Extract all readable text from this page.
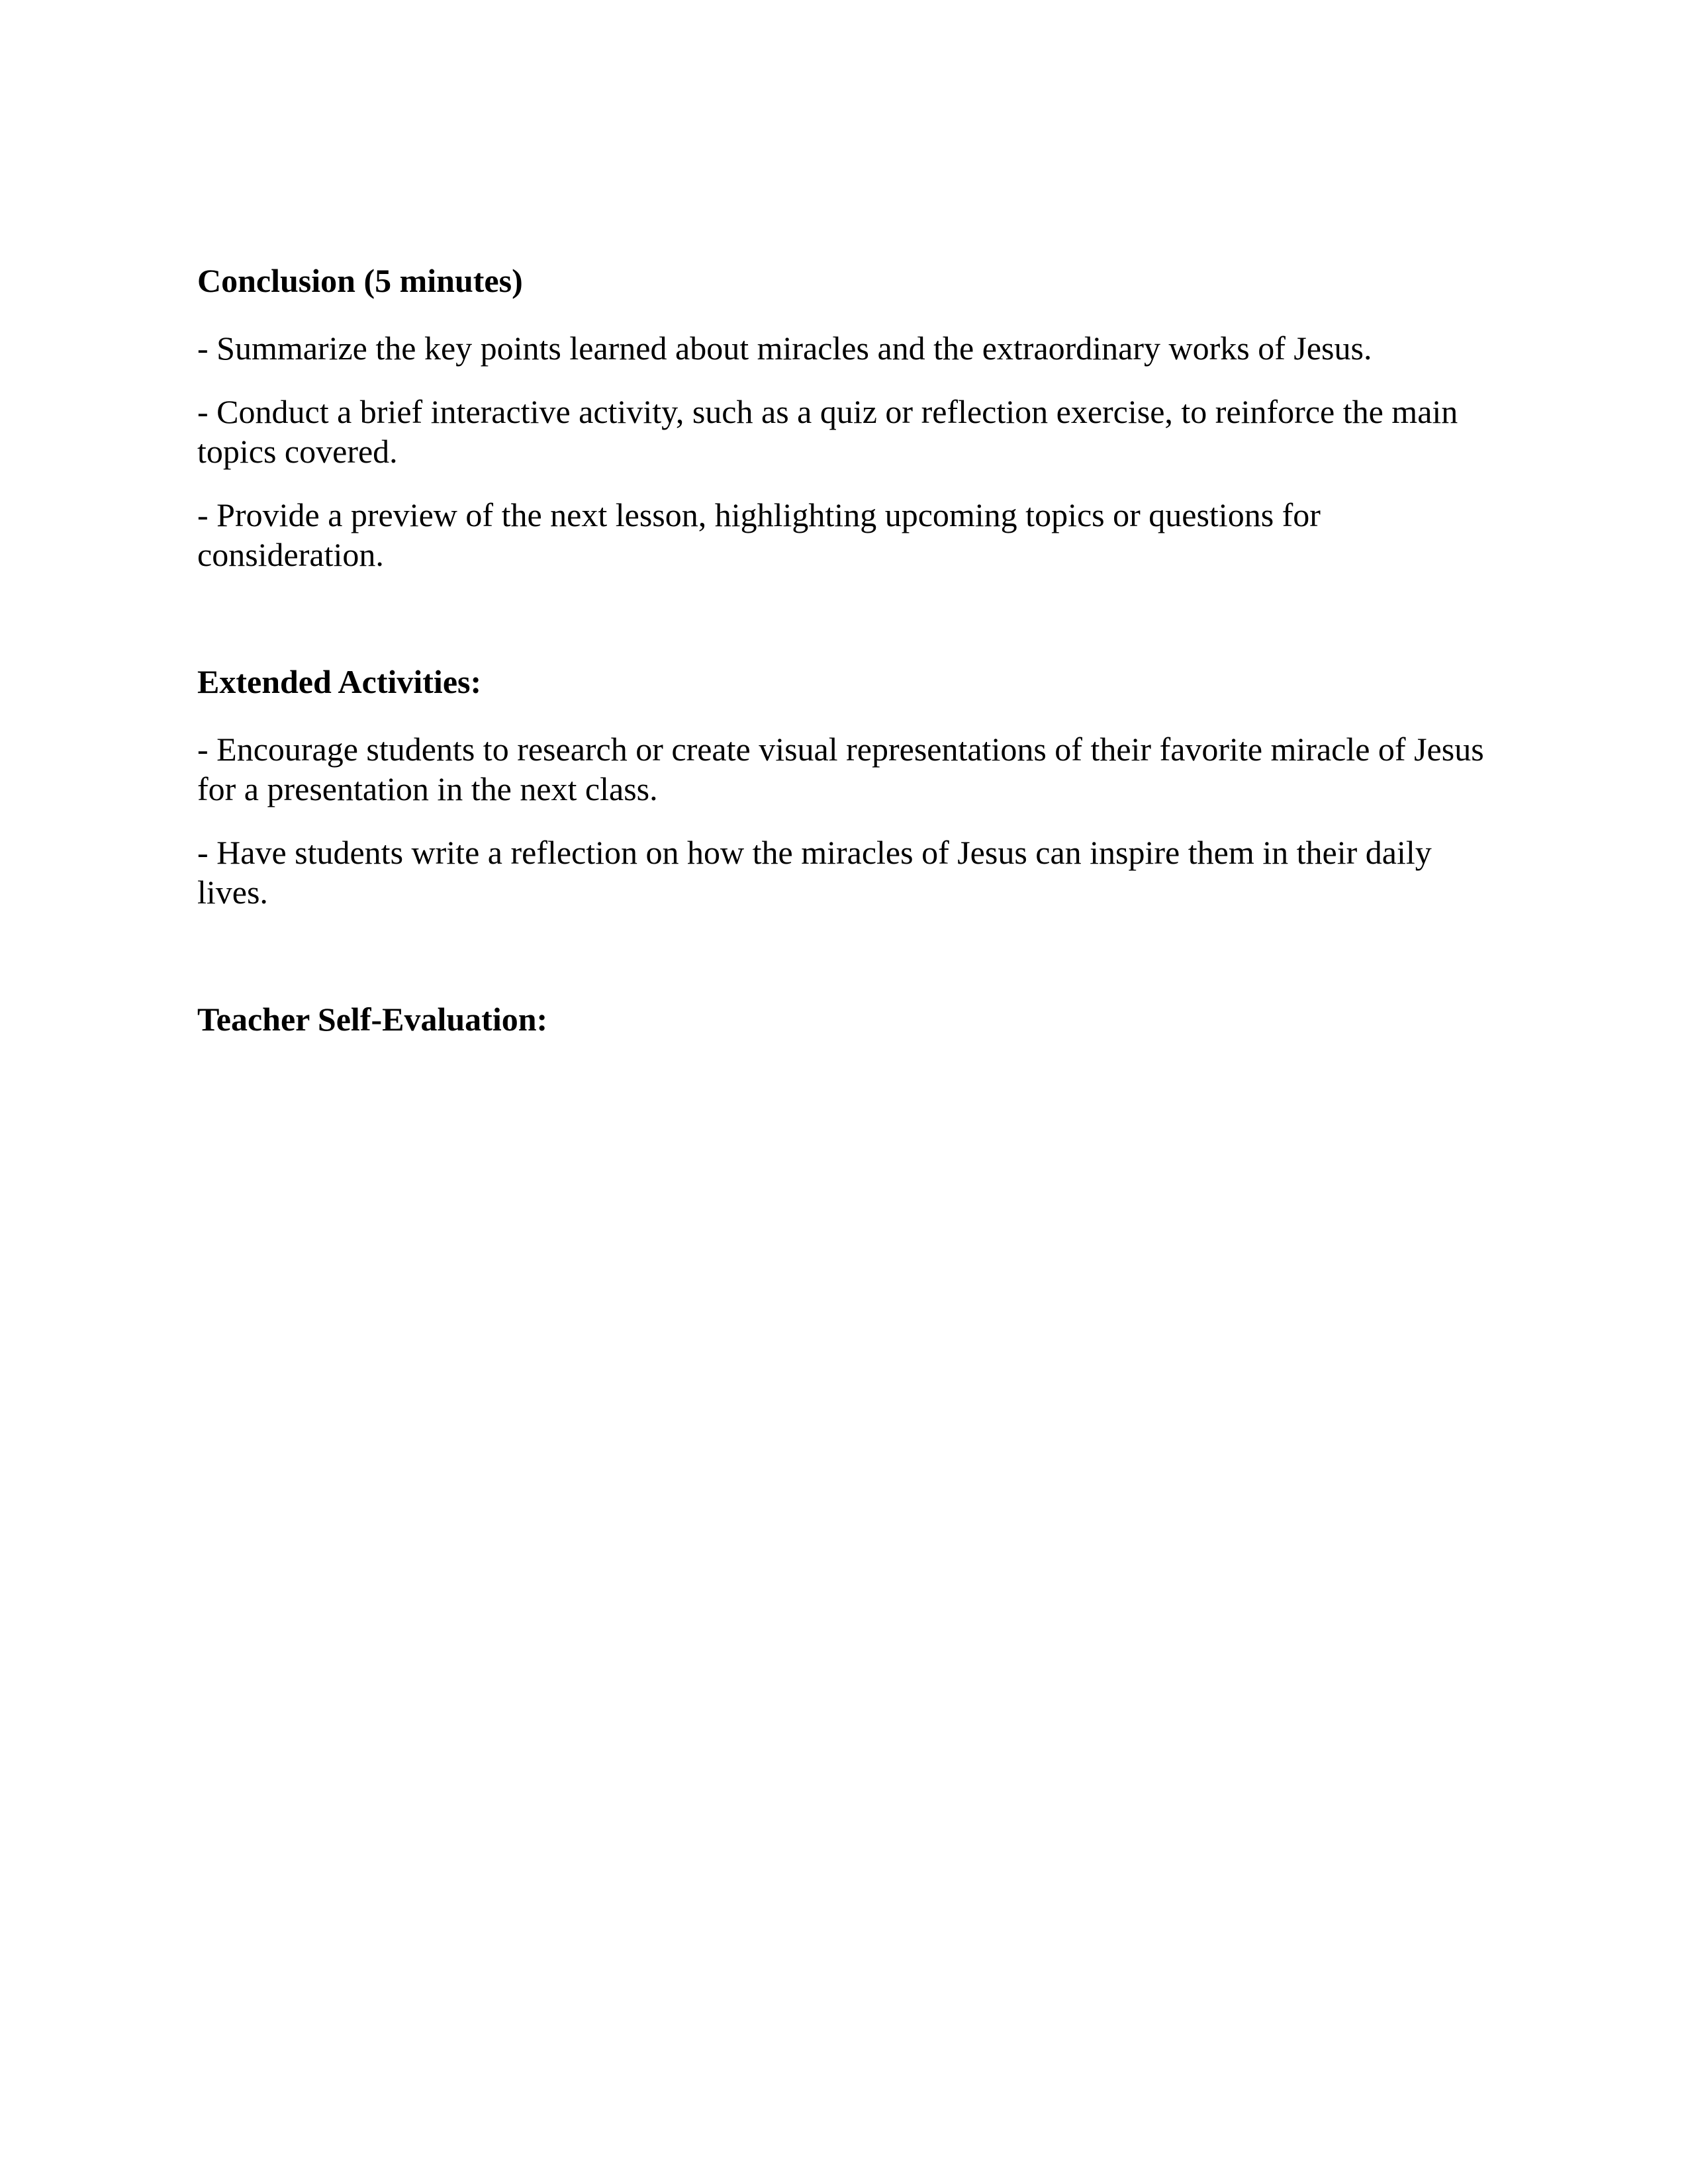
Conclusion (5 minutes)
- Summarize the key points learned about miracles and the extraordinary works of Jesus.
- Conduct a brief interactive activity, such as a quiz or reflection exercise, to reinforce the main
topics covered.
- Provide a preview of the next lesson, highlighting upcoming topics or questions for
consideration.
Extended Activities:
- Encourage students to research or create visual representations of their favorite miracle of Jesus
for a presentation in the next class.
- Have students write a reflection on how the miracles of Jesus can inspire them in their daily
lives.
Teacher Self-Evaluation:
